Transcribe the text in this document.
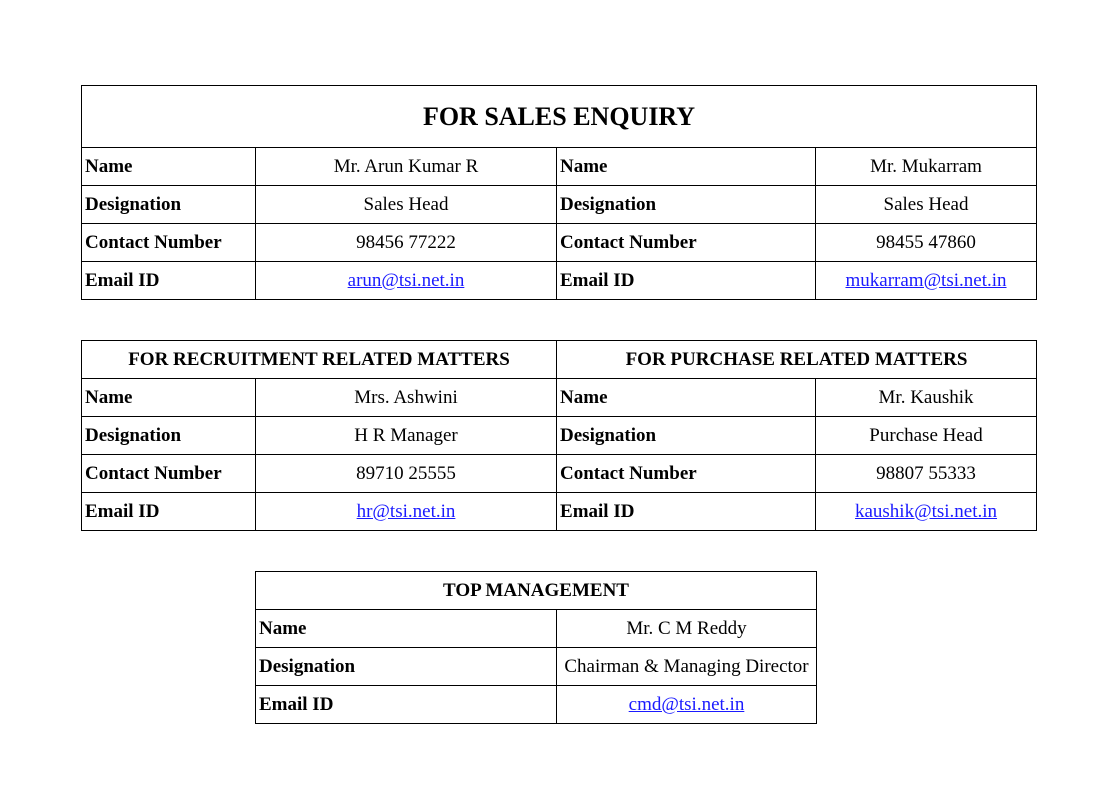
FOR SALES ENQUIRY			
Name	Mr. Arun Kumar R	Name	Mr. Mukarram
Designation	Sales Head	Designation	Sales Head
Contact Number	98456 77222	Contact Number	98455 47860
Email ID	arun@tsi.net.in	Email ID	mukarram@tsi.net.in
FOR RECRUITMENT RELATED MATTERS		FOR PURCHASE RELATED MATTERS	
Name	Mrs. Ashwini	Name	Mr. Kaushik
Designation	H R Manager	Designation	Purchase Head
Contact Number	89710 25555	Contact Number	98807 55333
Email ID	hr@tsi.net.in	Email ID	kaushik@tsi.net.in
TOP MANAGEMENT	
Name	Mr. C M Reddy
Designation	Chairman & Managing Director
Email ID	cmd@tsi.net.in
